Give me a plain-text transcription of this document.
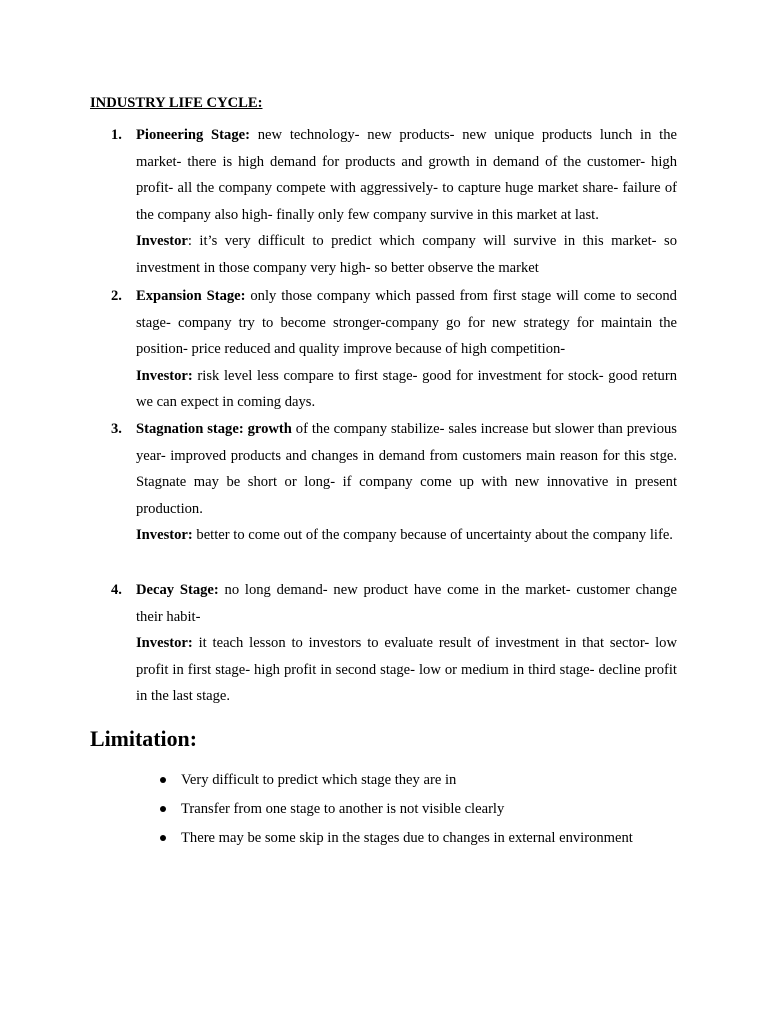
INDUSTRY LIFE CYCLE:
1. Pioneering Stage: new technology- new products- new unique products lunch in the market- there is high demand for products and growth in demand of the customer- high profit- all the company compete with aggressively- to capture huge market share- failure of the company also high- finally only few company survive in this market at last.

Investor: it’s very difficult to predict which company will survive in this market- so investment in those company very high- so better observe the market

2. Expansion Stage: only those company which passed from first stage will come to second stage- company try to become stronger-company go for new strategy for maintain the position- price reduced and quality improve because of high competition-

Investor: risk level less compare to first stage- good for investment for stock- good return we can expect in coming days.

3. Stagnation stage: growth of the company stabilize- sales increase but slower than previous year- improved products and changes in demand from customers main reason for this stge. Stagnate may be short or long- if company come up with new innovative in present production.

Investor: better to come out of the company because of uncertainty about the company life.

4. Decay Stage: no long demand- new product have come in the market- customer change their habit-

Investor: it teach lesson to investors to evaluate result of investment in that sector- low profit in first stage- high profit in second stage- low or medium in third stage- decline profit in the last stage.

Limitation:
Very difficult to predict which stage they are in
Transfer from one stage to another is not visible clearly
There may be some skip in the stages due to changes in external environment
